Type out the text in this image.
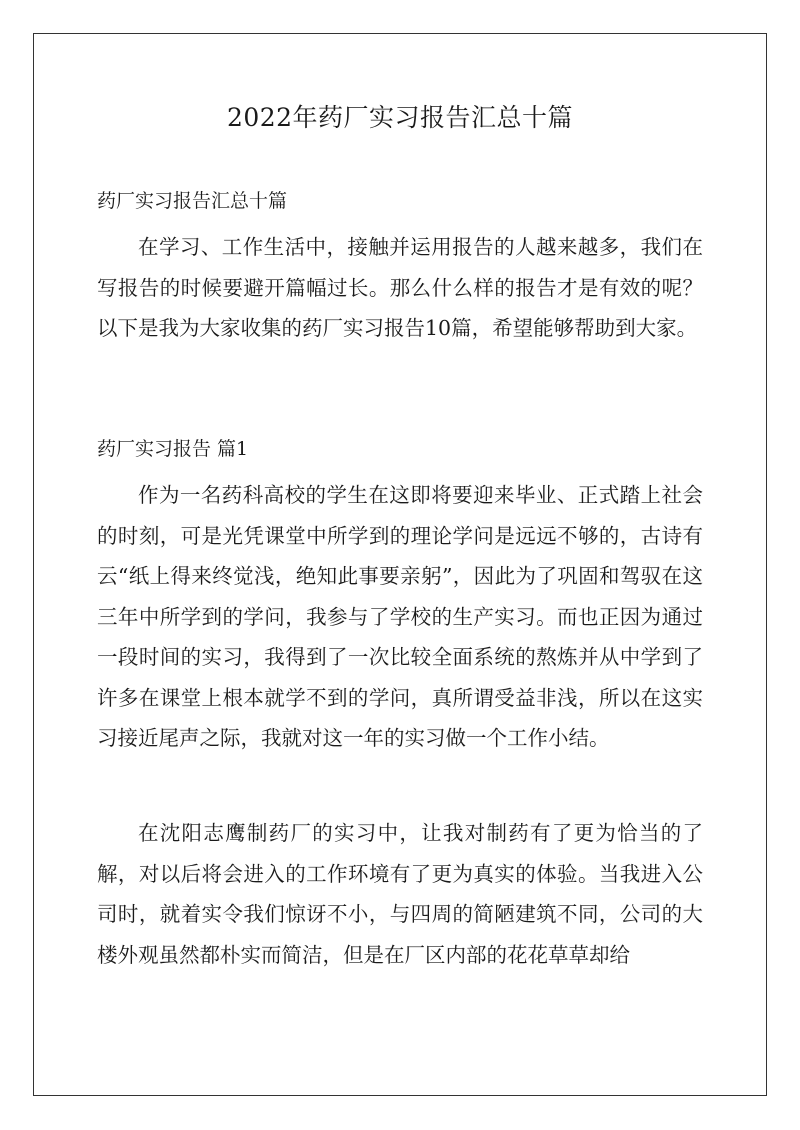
2022年药厂实习报告汇总十篇
药厂实习报告汇总十篇

在学习、工作生活中，接触并运用报告的人越来越多，我们在写报告的时候要避开篇幅过长。那么什么样的报告才是有效的呢？以下是我为大家收集的药厂实习报告10篇，希望能够帮助到大家。

药厂实习报告 篇1

作为一名药科高校的学生在这即将要迎来毕业、正式踏上社会的时刻，可是光凭课堂中所学到的理论学问是远远不够的，古诗有云“纸上得来终觉浅，绝知此事要亲躬”，因此为了巩固和驾驭在这三年中所学到的学问，我参与了学校的生产实习。而也正因为通过一段时间的实习，我得到了一次比较全面系统的熬炼并从中学到了许多在课堂上根本就学不到的学问，真所谓受益非浅，所以在这实习接近尾声之际，我就对这一年的实习做一个工作小结。

在沈阳志鹰制药厂的实习中，让我对制药有了更为恰当的了解，对以后将会进入的工作环境有了更为真实的体验。当我进入公司时，就着实令我们惊讶不小，与四周的简陋建筑不同，公司的大楼外观虽然都朴实而简洁，但是在厂区内部的花花草草却给
